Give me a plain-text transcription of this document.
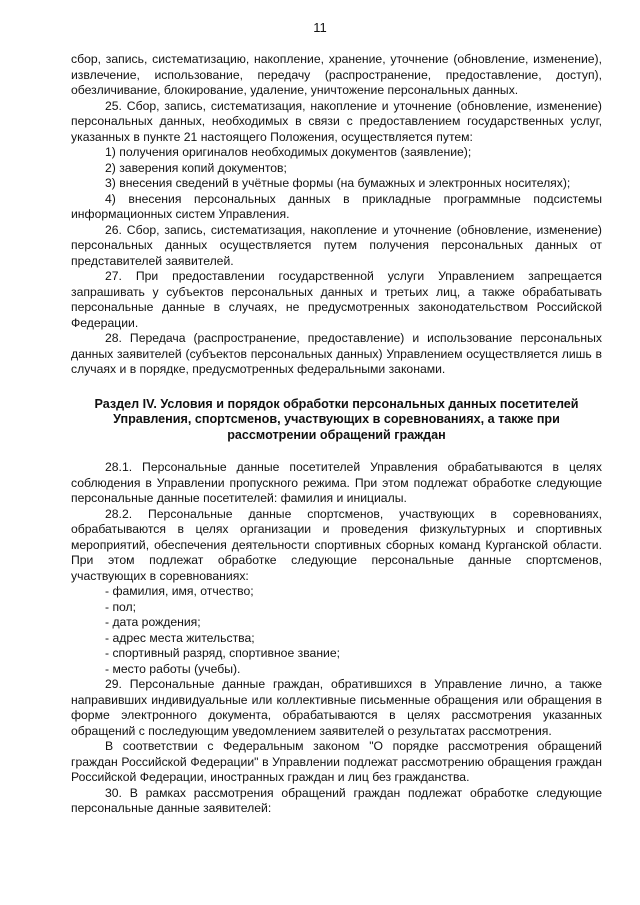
11

сбор, запись, систематизацию, накопление, хранение, уточнение (обновление, изменение), извлечение, использование, передачу (распространение, предоставление, доступ), обезличивание, блокирование, удаление, уничтожение персональных данных.

25. Сбор, запись, систематизация, накопление и уточнение (обновление, изменение) персональных данных, необходимых в связи с предоставлением государственных услуг, указанных в пункте 21 настоящего Положения, осуществляется путем:

1) получения оригиналов необходимых документов (заявление);

2) заверения копий документов;

3) внесения сведений в учётные формы (на бумажных и электронных носителях);

4) внесения персональных данных в прикладные программные подсистемы информационных систем Управления.

26. Сбор, запись, систематизация, накопление и уточнение (обновление, изменение) персональных данных осуществляется путем получения персональных данных от представителей заявителей.

27. При предоставлении государственной услуги Управлением запрещается запрашивать у субъектов персональных данных и третьих лиц, а также обрабатывать персональные данные в случаях, не предусмотренных законодательством Российской Федерации.

28. Передача (распространение, предоставление) и использование персональных данных заявителей (субъектов персональных данных) Управлением осуществляется лишь в случаях и в порядке, предусмотренных федеральными законами.

Раздел IV. Условия и порядок обработки персональных данных посетителей
Управления, спортсменов, участвующих в соревнованиях, а также при
рассмотрении обращений граждан

28.1. Персональные данные посетителей Управления обрабатываются в целях соблюдения в Управлении пропускного режима. При этом подлежат обработке следующие персональные данные посетителей: фамилия и инициалы.

28.2. Персональные данные спортсменов, участвующих в соревнованиях, обрабатываются в целях организации и проведения физкультурных и спортивных мероприятий, обеспечения деятельности спортивных сборных команд Курганской области. При этом подлежат обработке следующие персональные данные спортсменов, участвующих в соревнованиях:

- фамилия, имя, отчество;

- пол;

- дата рождения;

- адрес места жительства;

- спортивный разряд, спортивное звание;

- место работы (учебы).

29. Персональные данные граждан, обратившихся в Управление лично, а также направивших индивидуальные или коллективные письменные обращения или обращения в форме электронного документа, обрабатываются в целях рассмотрения указанных обращений с последующим уведомлением заявителей о результатах рассмотрения.

В соответствии с Федеральным законом "О порядке рассмотрения обращений граждан Российской Федерации" в Управлении подлежат рассмотрению обращения граждан Российской Федерации, иностранных граждан и лиц без гражданства.

30. В рамках рассмотрения обращений граждан подлежат обработке следующие персональные данные заявителей:
